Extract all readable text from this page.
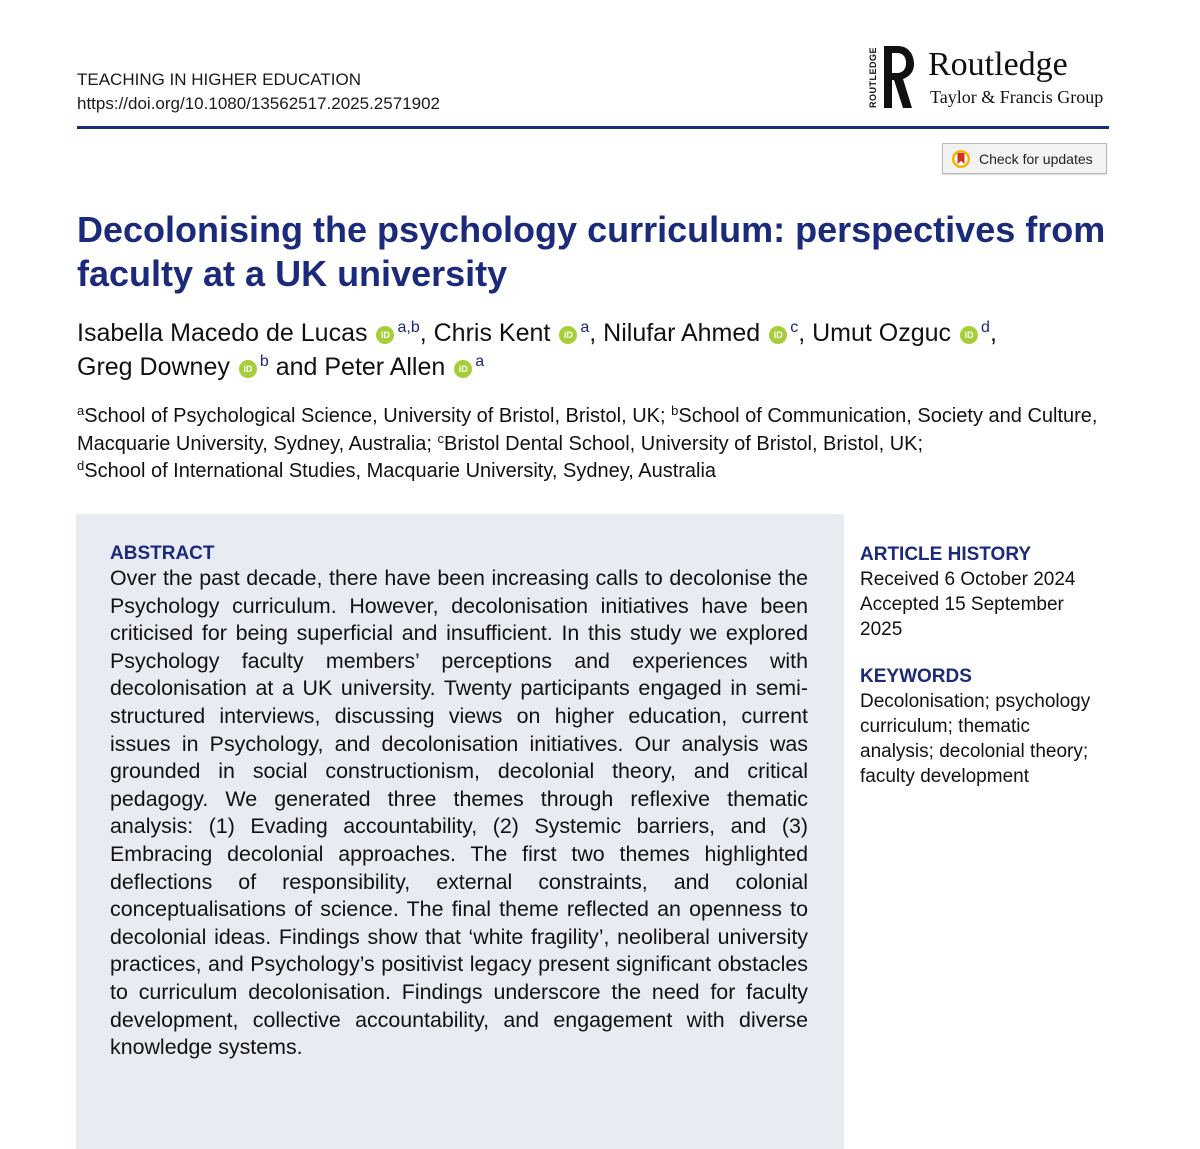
TEACHING IN HIGHER EDUCATION
https://doi.org/10.1080/13562517.2025.2571902	ROUTLEDGE Routledge
Taylor & Francis Group
Check for updates
Decolonising the psychology curriculum: perspectives from faculty at a UK university
Isabella Macedo de Lucas iD $^{a,b}$, Chris Kent iD $^a$, Nilufar Ahmed iD $^c$, Umut Ozguc iD $^d$,
Greg Downey iD $^b$ and Peter Allen iD $^a$
$^a$School of Psychological Science, University of Bristol, Bristol, UK; $^b$School of Communication, Society and Culture, Macquarie University, Sydney, Australia; $^c$Bristol Dental School, University of Bristol, Bristol, UK;
$^d$School of International Studies, Macquarie University, Sydney, Australia
ABSTRACT

Over the past decade, there have been increasing calls to decolonise the Psychology curriculum. However, decolonisation initiatives have been criticised for being superficial and insufficient. In this study we explored Psychology faculty members’ perceptions and experiences with decolonisation at a UK university. Twenty participants engaged in semi-structured interviews, discussing views on higher education, current issues in Psychology, and decolonisation initiatives. Our analysis was grounded in social constructionism, decolonial theory, and critical pedagogy. We generated three themes through reflexive thematic analysis: (1) Evading accountability, (2) Systemic barriers, and (3) Embracing decolonial approaches. The first two themes highlighted deflections of responsibility, external constraints, and colonial conceptualisations of science. The final theme reflected an openness to decolonial ideas. Findings show that ‘white fragility’, neoliberal university practices, and Psychology’s positivist legacy present significant obstacles to curriculum decolonisation. Findings underscore the need for faculty development, collective accountability, and engagement with diverse knowledge systems.

ARTICLE HISTORY
Received 6 October 2024
Accepted 15 September
2025
KEYWORDS
Decolonisation; psychology
curriculum; thematic
analysis; decolonial theory;
faculty development
